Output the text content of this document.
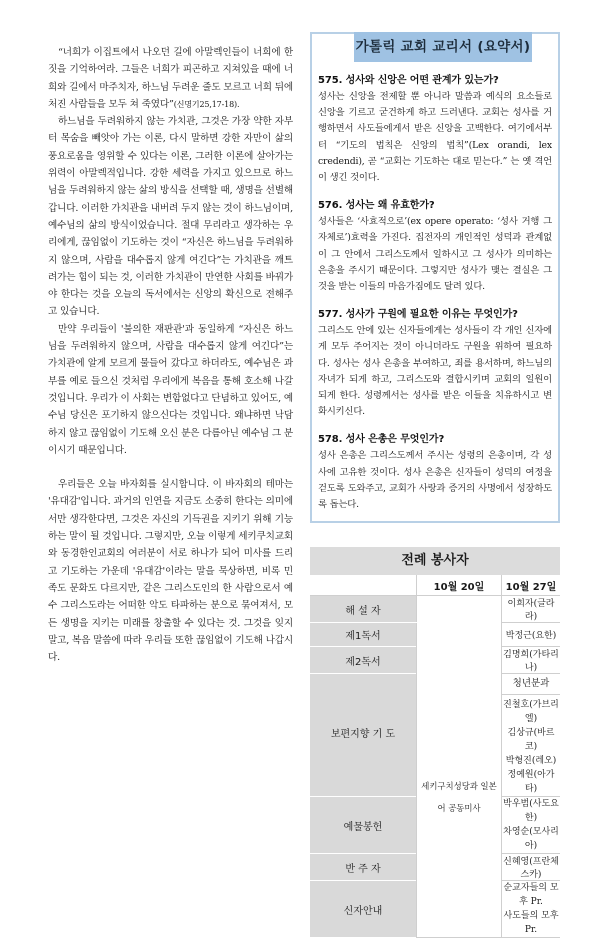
“너희가 이집트에서 나오던 길에 아말렉인들이 너희에 한 짓을 기억하여라. 그들은 너희가 피곤하고 지쳐있을 때에 너희와 길에서 마주치자, 하느님 두려운 줄도 모르고 너희 뒤에 처진 사람들을 모두 쳐 죽였다”(신명기25,17-18).

하느님을 두려워하지 않는 가치관, 그것은 가장 약한 자부터 목숨을 빼앗아 가는 이론, 다시 말하면 강한 자만이 삶의 풍요로움을 영위할 수 있다는 이론, 그러한 이론에 살아가는 위력이 아말렉적입니다. 강한 세력을 가지고 있으므로 하느님을 두려워하지 않는 삶의 방식을 선택할 때, 생명을 선별해 갑니다. 이러한 가치관을 내버려 두지 않는 것이 하느님이며, 예수님의 삶의 방식이었습니다. 절대 무리라고 생각하는 우리에게, 끊임없이 기도하는 것이 “자신은 하느님을 두려워하지 않으며, 사람을 대수롭지 않게 여긴다”는 가치관을 깨트려가는 힘이 되는 것, 이러한 가치관이 만연한 사회를 바꿔가야 한다는 것을 오늘의 독서에서는 신앙의 확신으로 전해주고 있습니다.

만약 우리들이 '불의한 재판관'과 동일하게 “자신은 하느님을 두려워하지 않으며, 사람을 대수롭지 않게 여긴다”는 가치관에 알게 모르게 물들어 갔다고 하더라도, 예수님은 과부를 예로 들으신 것처럼 우리에게 복음을 통해 호소해 나갈 것입니다. 우리가 이 사회는 변함없다고 단념하고 있어도, 예수님 당신은 포기하지 않으신다는 것입니다. 왜냐하면 낙담하지 않고 끊임없이 기도해 오신 분은 다름아닌 예수님 그 분이시기 때문입니다.

우리들은 오늘 바자회를 실시합니다. 이 바자회의 테마는 '유대감'입니다. 과거의 인연을 지금도 소중히 한다는 의미에서만 생각한다면, 그것은 자신의 기득권을 지키기 위해 기능하는 말이 될 것입니다. 그렇지만, 오늘 이렇게 세키쿠치교회와 동경한인교회의 여러분이 서로 하나가 되어 미사를 드리고 기도하는 가운데 '유대감'이라는 말을 묵상하면, 비록 민족도 문화도 다르지만, 같은 그리스도인의 한 사람으로서 예수 그리스도라는 어떠한 악도 타파하는 분으로 묶여져서, 모든 생명을 지키는 미래를 창출할 수 있다는 것. 그것을 잊지 말고, 복음 말씀에 따라 우리들 또한 끊임없이 기도해 나갑시다.

가톨릭 교회 교리서 (요약서)
575. 성사와 신앙은 어떤 관계가 있는가?
성사는 신앙을 전제할 뿐 아니라 말씀과 예식의 요소들로 신앙을 기르고 굳건하게 하고 드러낸다. 교회는 성사를 거행하면서 사도들에게서 받은 신앙을 고백한다. 여기에서부터 “기도의 법칙은 신앙의 법칙”(Lex orandi, lex credendi), 곧 “교회는 기도하는 대로 믿는다.” 는 옛 격언이 생긴 것이다.
576. 성사는 왜 유효한가?
성사들은 ‘사효적으로’(ex opere operato: ‘성사 거행 그 자체로’)효력을 가진다. 집전자의 개인적인 성덕과 관계없이 그 안에서 그리스도께서 일하시고 그 성사가 의미하는 은총을 주시기 때문이다. 그렇지만 성사가 맺는 결실은 그것을 받는 이들의 마음가짐에도 달려 있다.
577. 성사가 구원에 필요한 이유는 무엇인가?
그리스도 안에 있는 신자들에게는 성사들이 각 개인 신자에게 모두 주어지는 것이 아니더라도 구원을 위하여 필요하다. 성사는 성사 은총을 부여하고, 죄를 용서하며, 하느님의 자녀가 되게 하고, 그리스도와 결합시키며 교회의 일원이 되게 한다. 성령께서는 성사를 받은 이들을 치유하시고 변화시키신다.
578. 성사 은총은 무엇인가?
성사 은총은 그리스도께서 주시는 성령의 은총이며, 각 성사에 고유한 것이다. 성사 은총은 신자들이 성덕의 여정을 걷도록 도와주고, 교회가 사랑과 증거의 사명에서 성장하도록 돕는다.
전례 봉사자
	10월 20일	10월 27일
해 설 자	세키구치성당과 일본어 공동미사	이희자(글라라)
제1독서		박정근(요한)
제2독서		김명희(가타리나)
보편지향 기 도		청년분과
진철호(가브리엘)
김상규(바르코)
박형진(레오)
정예원(아가타)

예물봉헌		박우범(사도요한)
차영순(모사리아)

반 주 자		신혜영(프란체스카)
신자안내		순교자들의 모후 Pr.
사도들의 모후 Pr.
